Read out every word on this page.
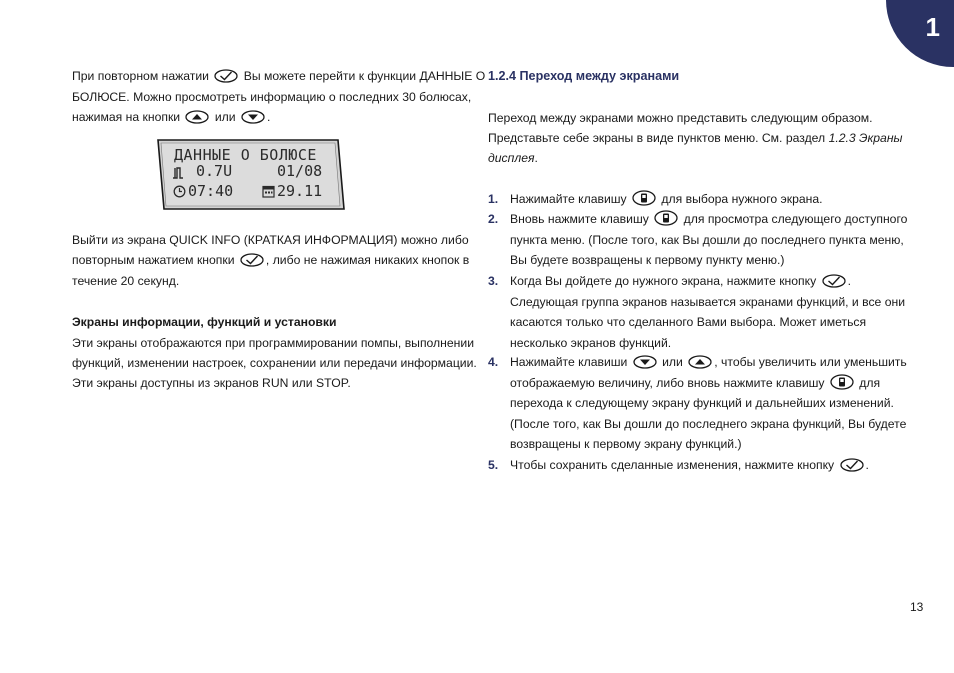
1

При повторном нажатии	Вы можете перейти к функции ДАННЫЕ О

БОЛЮСЕ. Можно просмотреть информацию о последних 30 болюсах,

нажимая на кнопки	или	.

ДАННЫЕ О БОЛЮСЕ
0.7U	01/08
07:40	29.11

Выйти из экрана QUICK INFO (КРАТКАЯ ИНФОРМАЦИЯ) можно либо

повторным нажатием кнопки	, либо не нажимая никаких кнопок в

течение 20 секунд.

Экраны информации, функций и установки

Эти экраны отображаются при программировании помпы, выполнении

функций, изменении настроек, сохранении или передачи информации.

Эти экраны доступны из экранов RUN или STOP.

1.2.4 Переход между экранами

Переход между экранами можно представить следующим образом.

Представьте себе экраны в виде пунктов меню. См. раздел 1.2.3 Экраны

дисплея.

1. Нажимайте клавишу	для выбора нужного экрана.
2. Вновь нажмите клавишу	для просмотра следующего доступного
пункта меню. (После того, как Вы дошли до последнего пункта меню,
Вы будете возвращены к первому пункту меню.)
3. Когда Вы дойдете до нужного экрана, нажмите кнопку	.
Следующая группа экранов называется экранами функций, и все они
касаются только что сделанного Вами выбора. Может иметься
несколько экранов функций.
4. Нажимайте клавиши	или	, чтобы увеличить или уменьшить
отображаемую величину, либо вновь нажмите клавишу	для
перехода к следующему экрану функций и дальнейших изменений.
(После того, как Вы дошли до последнего экрана функций, Вы будете
возвращены к первому экрану функций.)
5. Чтобы сохранить сделанные изменения, нажмите кнопку	.
13
